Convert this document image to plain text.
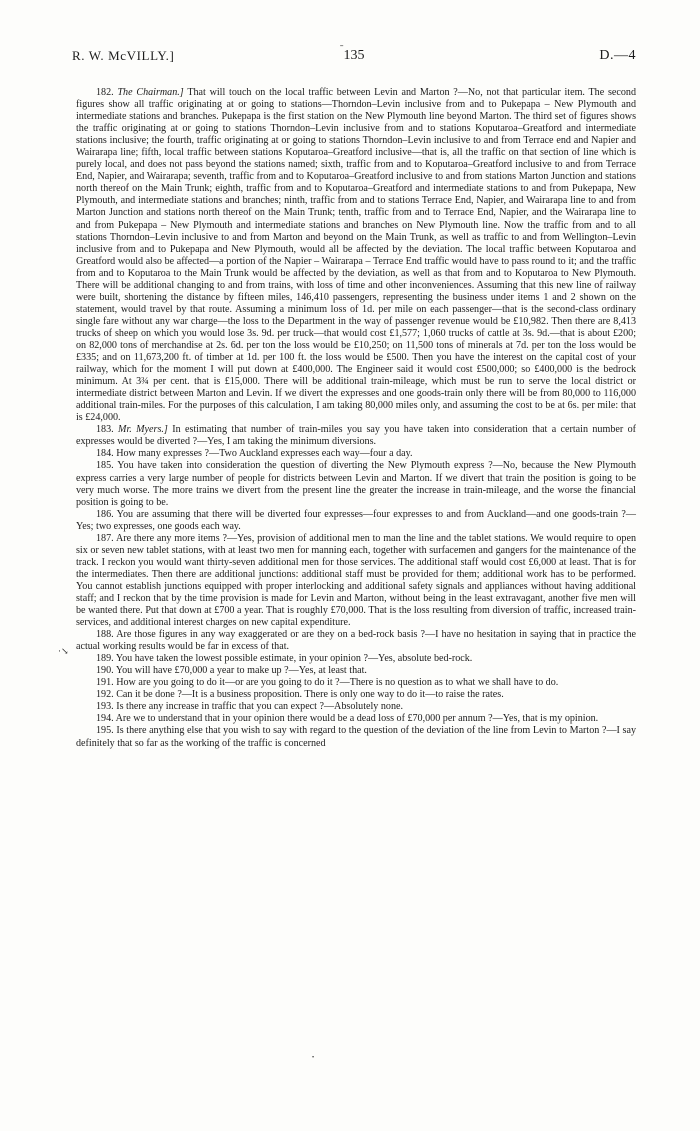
R. W. McVILLY.]	ˉ 135	D.—4

182. The Chairman.] That will touch on the local traffic between Levin and Marton ?—No, not that particular item. The second figures show all traffic originating at or going to stations—Thorndon–Levin inclusive from and to Pukepapa – New Plymouth and intermediate stations and branches. Pukepapa is the first station on the New Plymouth line beyond Marton. The third set of figures shows the traffic originating at or going to stations Thorndon–Levin inclusive from and to stations Koputaroa–Greatford and intermediate stations inclusive; the fourth, traffic originating at or going to stations Thorndon–Levin inclusive to and from Terrace end and Napier and Wairarapa line; fifth, local traffic between stations Koputaroa–Greatford inclusive—that is, all the traffic on that section of line which is purely local, and does not pass beyond the stations named; sixth, traffic from and to Koputaroa–Greatford inclusive to and from Terrace End, Napier, and Wairarapa; seventh, traffic from and to Koputaroa–Greatford inclusive to and from stations Marton Junction and stations north thereof on the Main Trunk; eighth, traffic from and to Koputaroa–Greatford and intermediate stations to and from Pukepapa, New Plymouth, and intermediate stations and branches; ninth, traffic from and to stations Terrace End, Napier, and Wairarapa line to and from Marton Junction and stations north thereof on the Main Trunk; tenth, traffic from and to Terrace End, Napier, and the Wairarapa line to and from Pukepapa – New Plymouth and intermediate stations and branches on New Plymouth line. Now the traffic from and to all stations Thorndon–Levin inclusive to and from Marton and beyond on the Main Trunk, as well as traffic to and from Wellington–Levin inclusive from and to Pukepapa and New Plymouth, would all be affected by the deviation. The local traffic between Koputaroa and Greatford would also be affected—a portion of the Napier – Wairarapa – Terrace End traffic would have to pass round to it; and the traffic from and to Koputaroa to the Main Trunk would be affected by the deviation, as well as that from and to Koputaroa to New Plymouth. There will be additional changing to and from trains, with loss of time and other inconveniences. Assuming that this new line of railway were built, shortening the distance by fifteen miles, 146,410 passengers, representing the business under items 1 and 2 shown on the statement, would travel by that route. Assuming a minimum loss of 1d. per mile on each passenger—that is the second-class ordinary single fare without any war charge—the loss to the Department in the way of passenger revenue would be £10,982. Then there are 8,413 trucks of sheep on which you would lose 3s. 9d. per truck—that would cost £1,577; 1,060 trucks of cattle at 3s. 9d.—that is about £200; on 82,000 tons of merchandise at 2s. 6d. per ton the loss would be £10,250; on 11,500 tons of minerals at 7d. per ton the loss would be £335; and on 11,673,200 ft. of timber at 1d. per 100 ft. the loss would be £500. Then you have the interest on the capital cost of your railway, which for the moment I will put down at £400,000. The Engineer said it would cost £500,000; so £400,000 is the bedrock minimum. At 3¾ per cent. that is £15,000. There will be additional train-mileage, which must be run to serve the local district or intermediate district between Marton and Levin. If we divert the expresses and one goods-train only there will be from 80,000 to 116,000 additional train-miles. For the purposes of this calculation, I am taking 80,000 miles only, and assuming the cost to be at 6s. per mile: that is £24,000.

183. Mr. Myers.] In estimating that number of train-miles you say you have taken into consideration that a certain number of expresses would be diverted ?—Yes, I am taking the minimum diversions.

184. How many expresses ?—Two Auckland expresses each way—four a day.

185. You have taken into consideration the question of diverting the New Plymouth express ?—No, because the New Plymouth express carries a very large number of people for districts between Levin and Marton. If we divert that train the position is going to be very much worse. The more trains we divert from the present line the greater the increase in train-mileage, and the worse the financial position is going to be.

186. You are assuming that there will be diverted four expresses—four expresses to and from Auckland—and one goods-train ?—Yes; two expresses, one goods each way.

187. Are there any more items ?—Yes, provision of additional men to man the line and the tablet stations. We would require to open six or seven new tablet stations, with at least two men for manning each, together with surfacemen and gangers for the maintenance of the track. I reckon you would want thirty-seven additional men for those services. The additional staff would cost £6,000 at least. That is for the intermediates. Then there are additional junctions: additional staff must be provided for them; additional work has to be performed. You cannot establish junctions equipped with proper interlocking and additional safety signals and appliances without having additional staff; and I reckon that by the time provision is made for Levin and Marton, without being in the least extravagant, another five men will be wanted there. Put that down at £700 a year. That is roughly £70,000. That is the loss resulting from diversion of traffic, increased train-services, and additional interest charges on new capital expenditure.

188. Are those figures in any way exaggerated or are they on a bed-rock basis ?—I have no hesitation in saying that in practice the actual working results would be far in excess of that.

189. You have taken the lowest possible estimate, in your opinion ?—Yes, absolute bed-rock.

190. You will have £70,000 a year to make up ?—Yes, at least that.

191. How are you going to do it—or are you going to do it ?—There is no question as to what we shall have to do.

192. Can it be done ?—It is a business proposition. There is only one way to do it—to raise the rates.

193. Is there any increase in traffic that you can expect ?—Absolutely none.

194. Are we to understand that in your opinion there would be a dead loss of £70,000 per annum ?—Yes, that is my opinion.

195. Is there anything else that you wish to say with regard to the question of the deviation of the line from Levin to Marton ?—I say definitely that so far as the working of the traffic is concerned

·↘
•
